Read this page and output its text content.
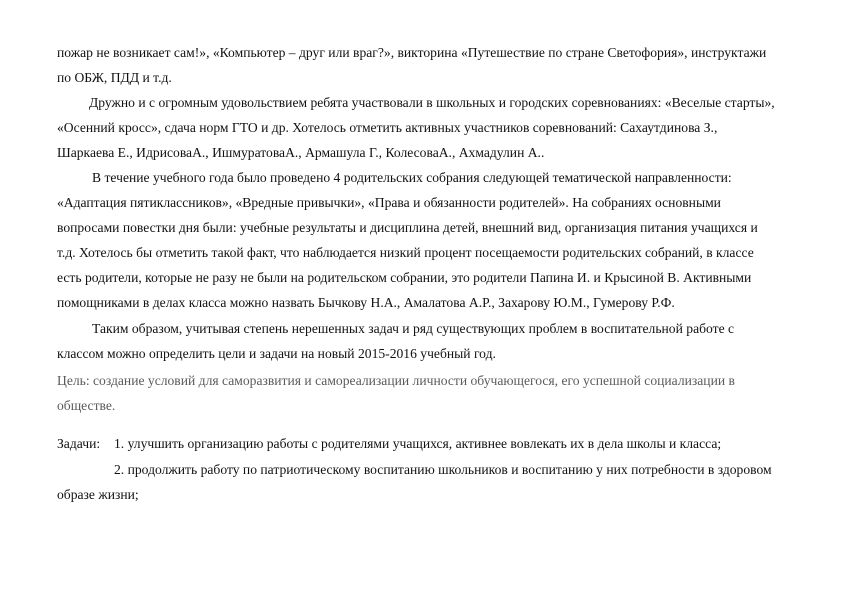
пожар не возникает сам!», «Компьютер – друг или враг?», викторина «Путешествие по стране Светофория», инструктажи
по ОБЖ, ПДД и т.д.
Дружно и с огромным удовольствием ребята участвовали в школьных и городских соревнованиях: «Веселые старты»,
«Осенний кросс», сдача норм ГТО и др. Хотелось отметить активных участников соревнований: Сахаутдинова З.,
Шаркаева Е., ИдрисоваА., ИшмуратоваА., Армашула Г., КолесоваА., Ахмадулин А..
В течение учебного года было проведено 4 родительских собрания следующей тематической направленности:
«Адаптация пятиклассников», «Вредные привычки», «Права и обязанности родителей». На собраниях основными
вопросами повестки дня были: учебные результаты и дисциплина детей, внешний вид, организация питания учащихся и
т.д. Хотелось бы отметить такой факт, что наблюдается низкий процент посещаемости родительских собраний, в классе
есть родители, которые не разу не были на родительском собрании, это родители Папина И. и Крысиной В. Активными
помощниками в делах класса можно назвать Бычкову Н.А., Амалатова А.Р., Захарову Ю.М., Гумерову Р.Ф.
Таким образом, учитывая степень нерешенных задач и ряд существующих проблем в воспитательной работе с
классом можно определить цели и задачи на новый 2015-2016 учебный год.
Цель: создание условий для саморазвития и самореализации личности обучающегося, его успешной социализации в
обществе.
Задачи: 1. улучшить организацию работы с родителями учащихся, активнее вовлекать их в дела школы и класса;
2. продолжить работу по патриотическому воспитанию школьников и воспитанию у них потребности в здоровом
образе жизни;
